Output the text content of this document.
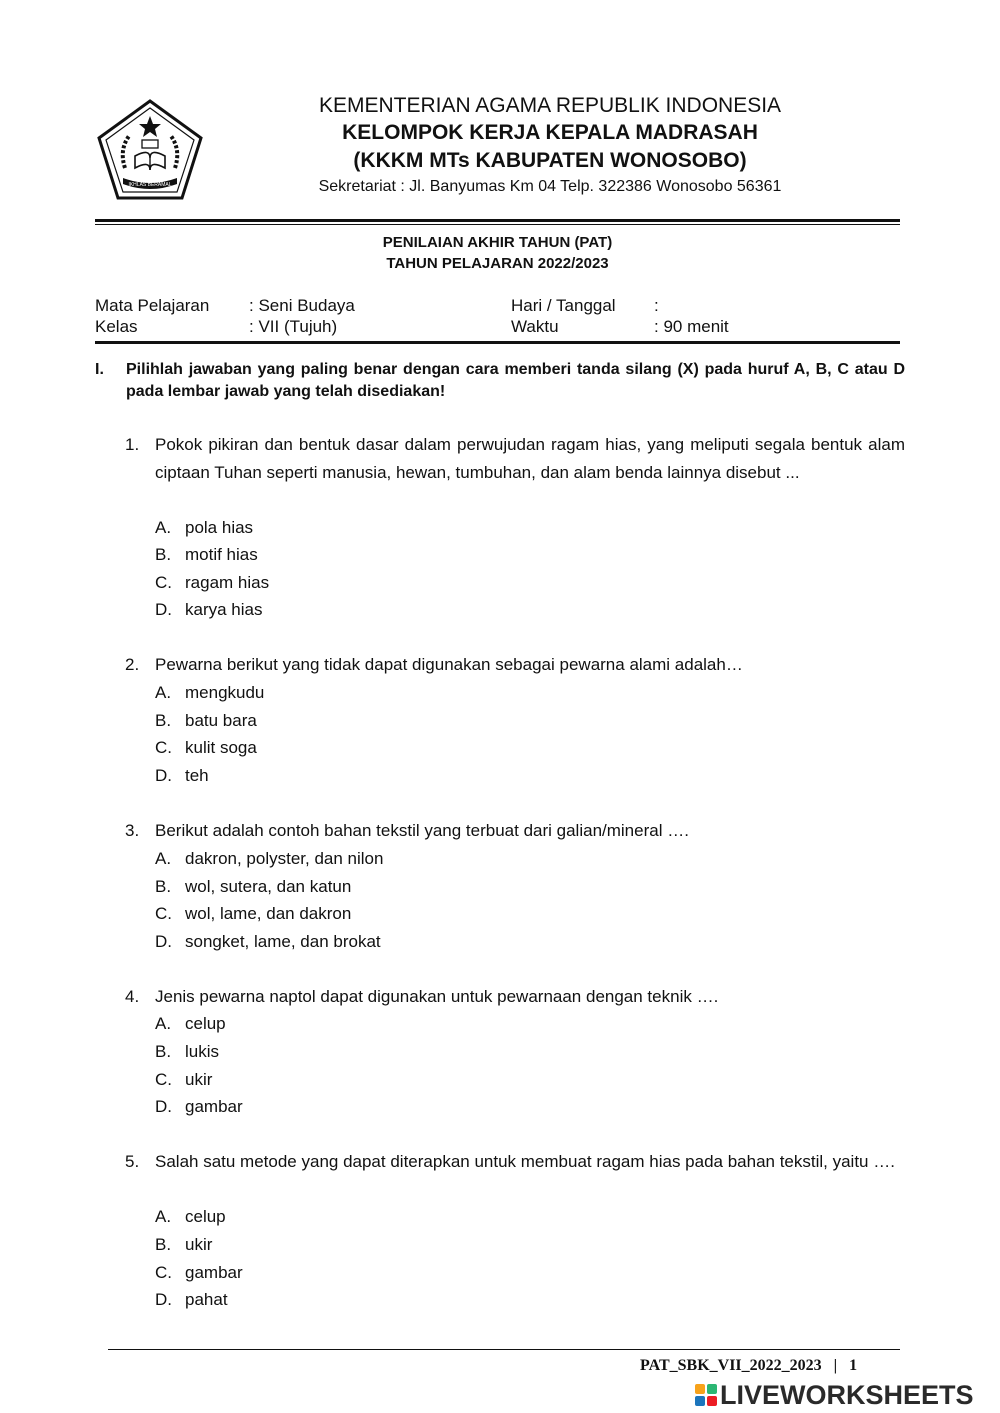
IKHLAS BERAMAL
KEMENTERIAN AGAMA REPUBLIK INDONESIA
KELOMPOK KERJA KEPALA MADRASAH
(KKKM MTs KABUPATEN WONOSOBO)
Sekretariat : Jl. Banyumas Km 04 Telp. 322386 Wonosobo 56361
PENILAIAN AKHIR TAHUN (PAT)
TAHUN PELAJARAN 2022/2023
Mata Pelajaran : Seni Budaya	Hari / Tanggal :
Kelas	: VII (Tujuh)	Waktu	: 90 menit
I. Pilihlah jawaban yang paling benar dengan cara memberi tanda silang (X) pada huruf A, B, C atau D pada lembar jawab yang telah disediakan!
1. Pokok pikiran dan bentuk dasar dalam perwujudan ragam hias, yang meliputi segala bentuk alam ciptaan Tuhan seperti manusia, hewan, tumbuhan, dan alam benda lainnya disebut ...
A. pola hias
B. motif hias
C. ragam hias
D. karya hias
2. Pewarna berikut yang tidak dapat digunakan sebagai pewarna alami adalah…
A. mengkudu
B. batu bara
C. kulit soga
D. teh
3. Berikut adalah contoh bahan tekstil yang terbuat dari galian/mineral ….
A. dakron, polyster, dan nilon
B. wol, sutera, dan katun
C. wol, lame, dan dakron
D. songket, lame, dan brokat
4. Jenis pewarna naptol dapat digunakan untuk pewarnaan dengan teknik ….
A. celup
B. lukis
C. ukir
D. gambar
5. Salah satu metode yang dapat diterapkan untuk membuat ragam hias pada bahan tekstil, yaitu ….
A. celup
B. ukir
C. gambar
D. pahat
PAT_SBK_VII_2022_2023   |   1
LIVEWORKSHEETS
